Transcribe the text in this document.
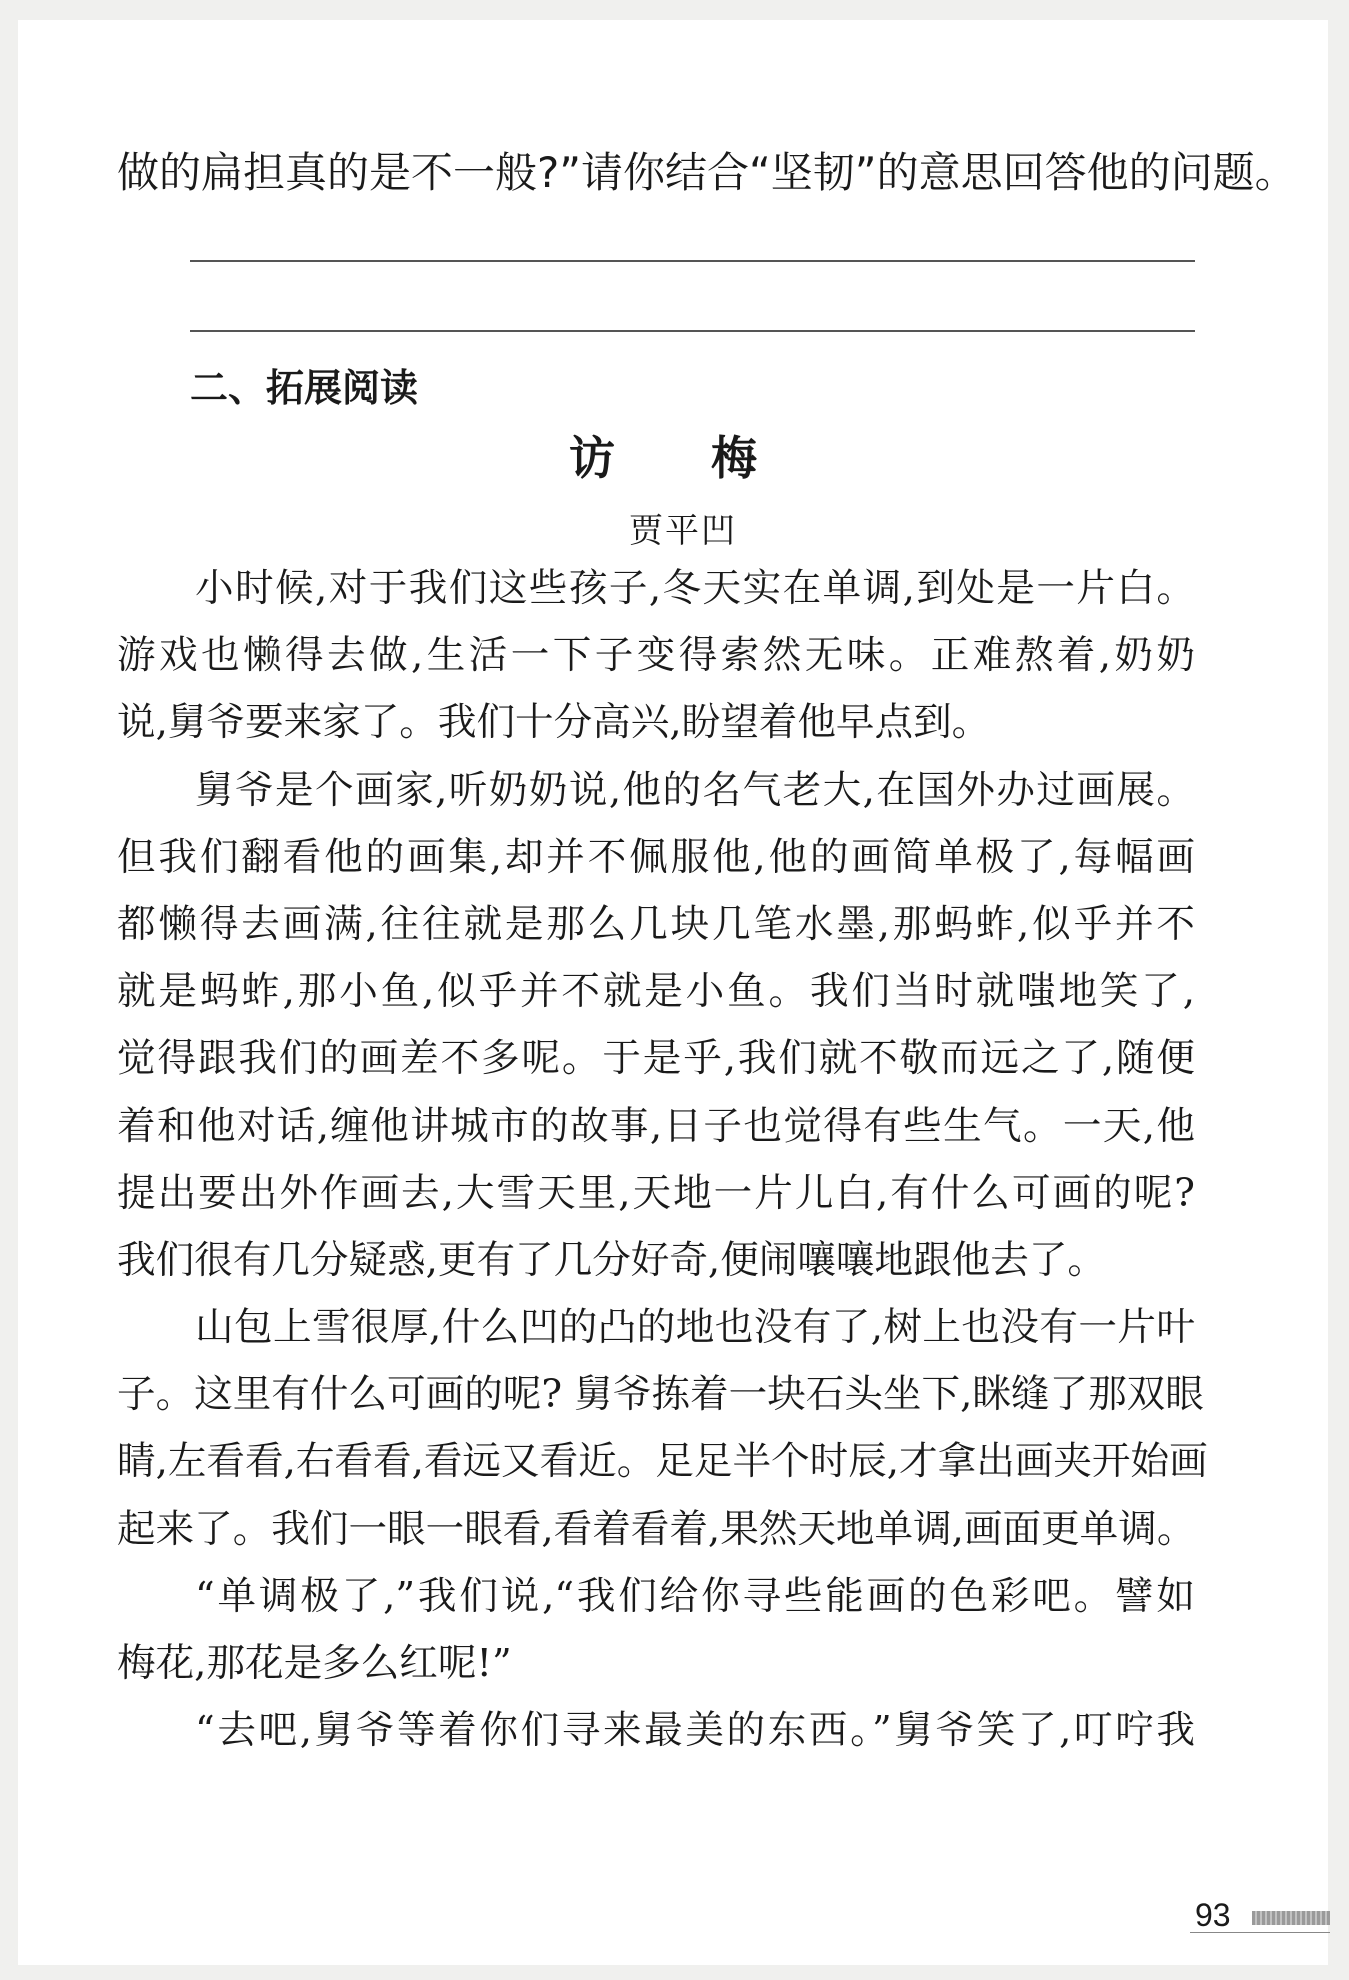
做的扁担真的是不一般?”请你结合“坚韧”的意思回答他的问题。
二、拓展阅读
访 梅
贾平凹
小时候,对于我们这些孩子,冬天实在单调,到处是一片白。
游戏也懒得去做,生活一下子变得索然无味。正难熬着,奶奶
说,舅爷要来家了。我们十分高兴,盼望着他早点到。
舅爷是个画家,听奶奶说,他的名气老大,在国外办过画展。
但我们翻看他的画集,却并不佩服他,他的画简单极了,每幅画
都懒得去画满,往往就是那么几块几笔水墨,那蚂蚱,似乎并不
就是蚂蚱,那小鱼,似乎并不就是小鱼。我们当时就嗤地笑了,
觉得跟我们的画差不多呢。于是乎,我们就不敬而远之了,随便
着和他对话,缠他讲城市的故事,日子也觉得有些生气。一天,他
提出要出外作画去,大雪天里,天地一片儿白,有什么可画的呢?
我们很有几分疑惑,更有了几分好奇,便闹嚷嚷地跟他去了。
山包上雪很厚,什么凹的凸的地也没有了,树上也没有一片叶
子。这里有什么可画的呢? 舅爷拣着一块石头坐下,眯缝了那双眼
睛,左看看,右看看,看远又看近。足足半个时辰,才拿出画夹开始画
起来了。我们一眼一眼看,看着看着,果然天地单调,画面更单调。
“单调极了,”我们说,“我们给你寻些能画的色彩吧。譬如
梅花,那花是多么红呢!”
“去吧,舅爷等着你们寻来最美的东西。”舅爷笑了,叮咛我
93
